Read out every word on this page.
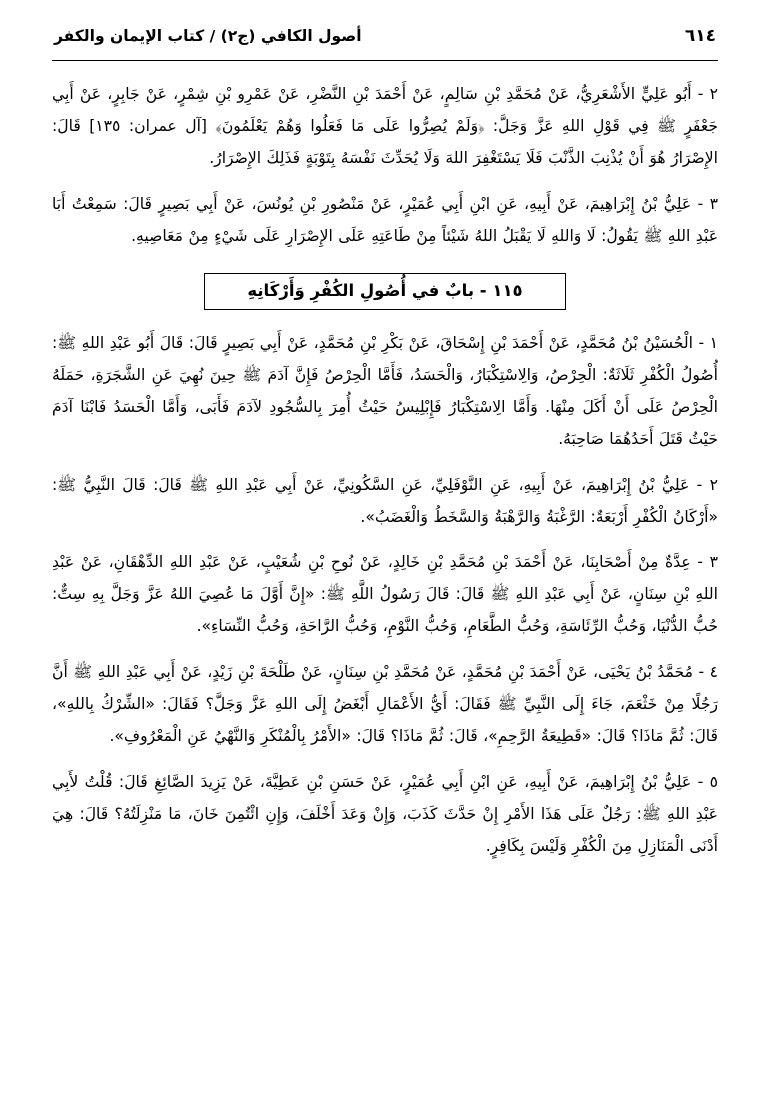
أصول الكافي (ج٢) / كتاب الإيمان والكفر	٦١٤

٢ - أَبُو عَلِيٍّ الأَشْعَرِيُّ، عَنْ مُحَمَّدِ بْنِ سَالِمٍ، عَنْ أَحْمَدَ بْنِ النَّضْرِ، عَنْ عَمْرِو بْنِ شِمْرٍ، عَنْ جَابِرٍ، عَنْ أَبِي جَعْفَرٍ ﷺ فِي قَوْلِ اللهِ عَزَّ وَجَلَّ: ﴿وَلَمْ يُصِرُّوا عَلَى مَا فَعَلُوا وَهُمْ يَعْلَمُونَ﴾ [آل عمران: ١٣٥] قَالَ: الإِصْرَارُ هُوَ أَنْ يُذْنِبَ الذَّنْبَ فَلَا يَسْتَغْفِرَ اللهَ وَلَا يُحَدِّثَ نَفْسَهُ بِتَوْبَةٍ فَذَلِكَ الإِصْرَارُ.

٣ - عَلِيُّ بْنُ إِبْرَاهِيمَ، عَنْ أَبِيهِ، عَنِ ابْنِ أَبِي عُمَيْرٍ، عَنْ مَنْصُورِ بْنِ يُونُسَ، عَنْ أَبِي بَصِيرٍ قَالَ: سَمِعْتُ أَبَا عَبْدِ اللهِ ﷺ يَقُولُ: لَا وَاللهِ لَا يَقْبَلُ اللهُ شَيْئاً مِنْ طَاعَتِهِ عَلَى الإِصْرَارِ عَلَى شَيْءٍ مِنْ مَعَاصِيهِ.

١١٥ - بابٌ في أُصُولِ الكُفْرِ وَأَرْكَانِهِ

١ - الْحُسَيْنُ بْنُ مُحَمَّدٍ، عَنْ أَحْمَدَ بْنِ إِسْحَاقَ، عَنْ بَكْرِ بْنِ مُحَمَّدٍ، عَنْ أَبِي بَصِيرٍ قَالَ: قَالَ أَبُو عَبْدِ اللهِ ﷺ: أُصُولُ الْكُفْرِ ثَلَاثَةٌ: الْحِرْصُ، وَالِاسْتِكْبَارُ، وَالْحَسَدُ، فَأَمَّا الْحِرْصُ فَإِنَّ آدَمَ ﷺ حِينَ نُهِيَ عَنِ الشَّجَرَةِ، حَمَلَهُ الْحِرْصُ عَلَى أَنْ أَكَلَ مِنْهَا. وَأَمَّا الِاسْتِكْبَارُ فَإِبْلِيسُ حَيْثُ أُمِرَ بِالسُّجُودِ لآدَمَ فَأَبَى، وَأَمَّا الْحَسَدُ فَابْنَا آدَمَ حَيْثُ قَتَلَ أَحَدُهُمَا صَاحِبَهُ.

٢ - عَلِيُّ بْنُ إِبْرَاهِيمَ، عَنْ أَبِيهِ، عَنِ النَّوْفَلِيِّ، عَنِ السَّكُونِيِّ، عَنْ أَبِي عَبْدِ اللهِ ﷺ قَالَ: قَالَ النَّبِيُّ ﷺ: «أَرْكَانُ الْكُفْرِ أَرْبَعَةٌ: الرَّغْبَةُ وَالرَّهْبَةُ وَالسَّخَطُ وَالْغَضَبُ».

٣ - عِدَّةٌ مِنْ أَصْحَابِنَا، عَنْ أَحْمَدَ بْنِ مُحَمَّدِ بْنِ خَالِدٍ، عَنْ نُوحِ بْنِ شُعَيْبٍ، عَنْ عَبْدِ اللهِ الدِّهْقَانِ، عَنْ عَبْدِ اللهِ بْنِ سِنَانٍ، عَنْ أَبِي عَبْدِ اللهِ ﷺ قَالَ: قَالَ رَسُولُ اللَّهِ ﷺ: «إِنَّ أَوَّلَ مَا عُصِيَ اللهُ عَزَّ وَجَلَّ بِهِ سِتٌّ: حُبُّ الدُّنْيَا، وَحُبُّ الرِّئَاسَةِ، وَحُبُّ الطَّعَامِ، وَحُبُّ النَّوْمِ، وَحُبُّ الرَّاحَةِ، وَحُبُّ النِّسَاءِ».

٤ - مُحَمَّدُ بْنُ يَحْيَى، عَنْ أَحْمَدَ بْنِ مُحَمَّدٍ، عَنْ مُحَمَّدِ بْنِ سِنَانٍ، عَنْ طَلْحَةَ بْنِ زَيْدٍ، عَنْ أَبِي عَبْدِ اللهِ ﷺ أَنَّ رَجُلًا مِنْ خَثْعَمَ، جَاءَ إِلَى النَّبِيِّ ﷺ فَقَالَ: أَيُّ الأَعْمَالِ أَبْغَضُ إِلَى اللهِ عَزَّ وَجَلَّ؟ فَقَالَ: «الشِّرْكُ بِاللهِ»، قَالَ: ثُمَّ مَاذَا؟ قَالَ: «قَطِيعَةُ الرَّحِمِ»، قَالَ: ثُمَّ مَاذَا؟ قَالَ: «الأَمْرُ بِالْمُنْكَرِ وَالنَّهْيُ عَنِ الْمَعْرُوفِ».

٥ - عَلِيُّ بْنُ إِبْرَاهِيمَ، عَنْ أَبِيهِ، عَنِ ابْنِ أَبِي عُمَيْرٍ، عَنْ حَسَنِ بْنِ عَطِيَّةَ، عَنْ يَزِيدَ الصَّائِغِ قَالَ: قُلْتُ لأَبِي عَبْدِ اللهِ ﷺ: رَجُلٌ عَلَى هَذَا الأَمْرِ إِنْ حَدَّثَ كَذَبَ، وَإِنْ وَعَدَ أَخْلَفَ، وَإِنِ ائْتُمِنَ خَانَ، مَا مَنْزِلَتُهُ؟ قَالَ: هِيَ أَدْنَى الْمَنَازِلِ مِنَ الْكُفْرِ وَلَيْسَ بِكَافِرٍ.
